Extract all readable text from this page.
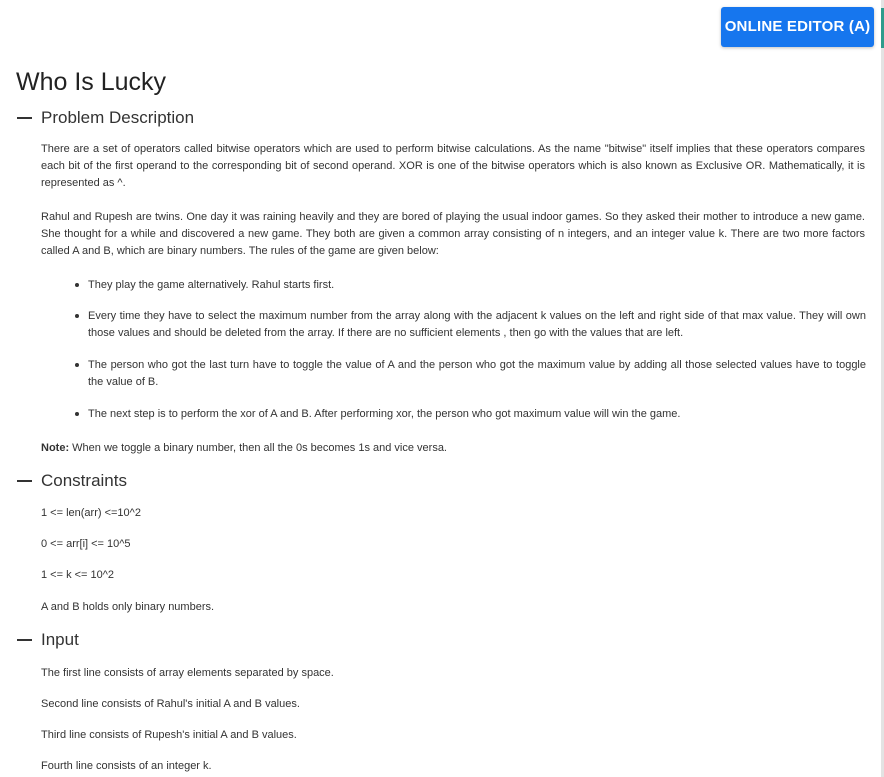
ONLINE EDITOR (A)
Who Is Lucky
Problem Description

There are a set of operators called bitwise operators which are used to perform bitwise calculations. As the name "bitwise" itself implies that these operators compares each bit of the first operand to the corresponding bit of second operand. XOR is one of the bitwise operators which is also known as Exclusive OR. Mathematically, it is represented as ^.

Rahul and Rupesh are twins. One day it was raining heavily and they are bored of playing the usual indoor games. So they asked their mother to introduce a new game. She thought for a while and discovered a new game. They both are given a common array consisting of n integers, and an integer value k. There are two more factors called A and B, which are binary numbers. The rules of the game are given below:

They play the game alternatively. Rahul starts first.
Every time they have to select the maximum number from the array along with the adjacent k values on the left and right side of that max value. They will own those values and should be deleted from the array. If there are no sufficient elements , then go with the values that are left.
The person who got the last turn have to toggle the value of A and the person who got the maximum value by adding all those selected values have to toggle the value of B.
The next step is to perform the xor of A and B. After performing xor, the person who got maximum value will win the game.

Note: When we toggle a binary number, then all the 0s becomes 1s and vice versa.

Constraints

1 <= len(arr) <=10^2

0 <= arr[i] <= 10^5

1 <= k <= 10^2

A and B holds only binary numbers.

Input

The first line consists of array elements separated by space.

Second line consists of Rahul's initial A and B values.

Third line consists of Rupesh's initial A and B values.

Fourth line consists of an integer k.
